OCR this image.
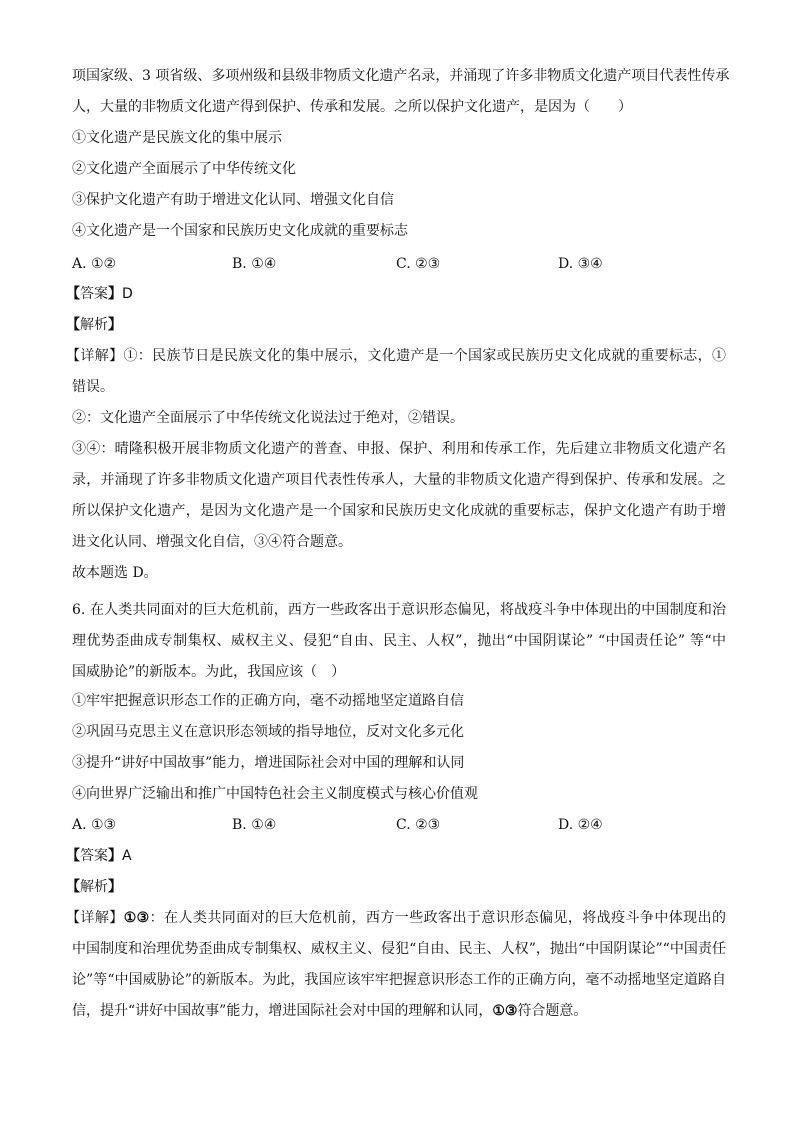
项国家级、3 项省级、多项州级和县级非物质文化遗产名录，并涌现了许多非物质文化遗产项目代表性传承
人，大量的非物质文化遗产得到保护、传承和发展。之所以保护文化遗产，是因为（　　）
①文化遗产是民族文化的集中展示
②文化遗产全面展示了中华传统文化
③保护文化遗产有助于增进文化认同、增强文化自信
④文化遗产是一个国家和民族历史文化成就的重要标志
A. ①②	B. ①④	C. ②③	D. ③④
【答案】D
【解析】
【详解】①：民族节日是民族文化的集中展示，文化遗产是一个国家或民族历史文化成就的重要标志，①
错误。
②：文化遗产全面展示了中华传统文化说法过于绝对，②错误。
③④：晴隆积极开展非物质文化遗产的普查、申报、保护、利用和传承工作，先后建立非物质文化遗产名
录，并涌现了许多非物质文化遗产项目代表性传承人，大量的非物质文化遗产得到保护、传承和发展。之
所以保护文化遗产，是因为文化遗产是一个国家和民族历史文化成就的重要标志，保护文化遗产有助于增
进文化认同、增强文化自信，③④符合题意。
故本题选 D。
6. 在人类共同面对的巨大危机前，西方一些政客出于意识形态偏见，将战疫斗争中体现出的中国制度和治
理优势歪曲成专制集权、威权主义、侵犯“自由、民主、人权”，抛出“中国阴谋论” “中国责任论” 等“中
国威胁论”的新版本。为此，我国应该（　）
①牢牢把握意识形态工作的正确方向，毫不动摇地坚定道路自信
②巩固马克思主义在意识形态领域的指导地位，反对文化多元化
③提升“讲好中国故事”能力，增进国际社会对中国的理解和认同
④向世界广泛输出和推广中国特色社会主义制度模式与核心价值观
A. ①③	B. ①④	C. ②③	D. ②④
【答案】A
【解析】
【详解】①③：在人类共同面对的巨大危机前，西方一些政客出于意识形态偏见，将战疫斗争中体现出的
中国制度和治理优势歪曲成专制集权、威权主义、侵犯“自由、民主、人权”，抛出“中国阴谋论”“中国责任
论”等“中国威胁论”的新版本。为此，我国应该牢牢把握意识形态工作的正确方向，毫不动摇地坚定道路自
信，提升“讲好中国故事”能力，增进国际社会对中国的理解和认同，①③符合题意。
